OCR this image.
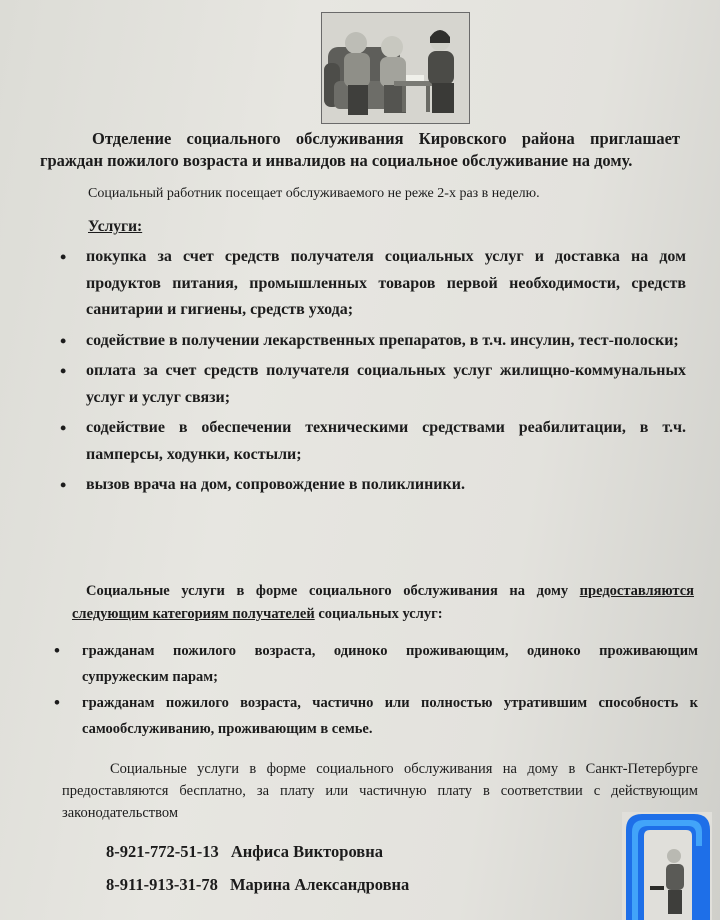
Отделение социального обслуживания Кировского района приглашает граждан пожилого возраста и инвалидов на социальное обслуживание на дому.
Социальный работник посещает обслуживаемого не реже 2-х раз в неделю.
Услуги:
• покупка за счет средств получателя социальных услуг и доставка на дом продуктов питания, промышленных товаров первой необходимости, средств санитарии и гигиены, средств ухода;
• содействие в получении лекарственных препаратов, в т.ч. инсулин, тест-полоски;
• оплата за счет средств получателя социальных услуг жилищно-коммунальных услуг и услуг связи;
• содействие в обеспечении техническими средствами реабилитации, в т.ч. памперсы, ходунки, костыли;
• вызов врача на дом, сопровождение в поликлиники.
Социальные услуги в форме социального обслуживания на дому предоставляются следующим категориям получателей социальных услуг:
• гражданам пожилого возраста, одиноко проживающим, одиноко проживающим супружеским парам;
• гражданам пожилого возраста, частично или полностью утратившим способность к самообслуживанию, проживающим в семье.
Социальные услуги в форме социального обслуживания на дому в Санкт-Петербурге предоставляются бесплатно, за плату или частичную плату в соответствии с действующим законодательством
8-921-772-51-13 Анфиса Викторовна
8-911-913-31-78 Марина Александровна
